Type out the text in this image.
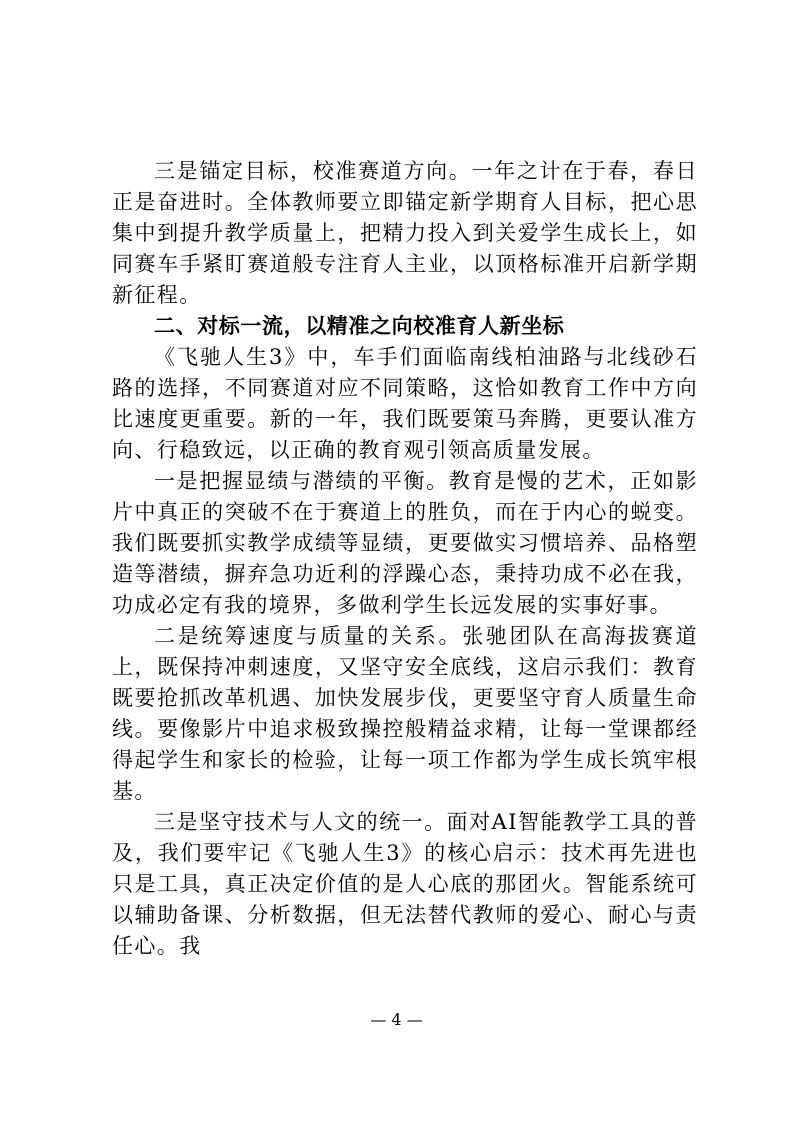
三是锚定目标，校准赛道方向。一年之计在于春，春日正是奋进时。全体教师要立即锚定新学期育人目标，把心思集中到提升教学质量上，把精力投入到关爱学生成长上，如同赛车手紧盯赛道般专注育人主业，以顶格标准开启新学期新征程。

二、对标一流，以精准之向校准育人新坐标

《飞驰人生3》中，车手们面临南线柏油路与北线砂石路的选择，不同赛道对应不同策略，这恰如教育工作中方向比速度更重要。新的一年，我们既要策马奔腾，更要认准方向、行稳致远，以正确的教育观引领高质量发展。

一是把握显绩与潜绩的平衡。教育是慢的艺术，正如影片中真正的突破不在于赛道上的胜负，而在于内心的蜕变。我们既要抓实教学成绩等显绩，更要做实习惯培养、品格塑造等潜绩，摒弃急功近利的浮躁心态，秉持功成不必在我，功成必定有我的境界，多做利学生长远发展的实事好事。

二是统筹速度与质量的关系。张驰团队在高海拔赛道上，既保持冲刺速度，又坚守安全底线，这启示我们：教育既要抢抓改革机遇、加快发展步伐，更要坚守育人质量生命线。要像影片中追求极致操控般精益求精，让每一堂课都经得起学生和家长的检验，让每一项工作都为学生成长筑牢根基。

三是坚守技术与人文的统一。面对AI智能教学工具的普及，我们要牢记《飞驰人生3》的核心启示：技术再先进也只是工具，真正决定价值的是人心底的那团火。智能系统可以辅助备课、分析数据，但无法替代教师的爱心、耐心与责任心。我

— 4 —
